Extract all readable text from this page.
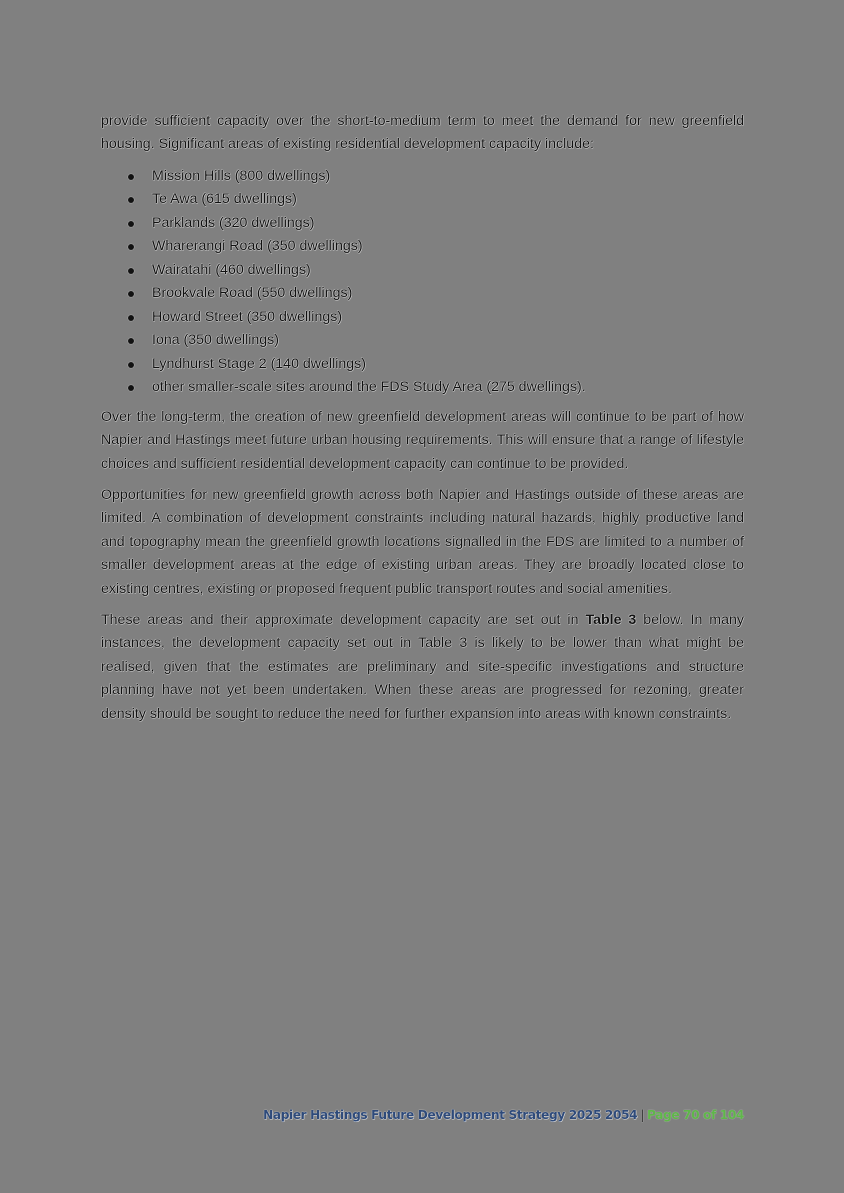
provide sufficient capacity over the short-to-medium term to meet the demand for new greenfield housing. Significant areas of existing residential development capacity include:

Mission Hills (800 dwellings)
Te Awa (615 dwellings)
Parklands (320 dwellings)
Wharerangi Road (350 dwellings)
Wairatahi (460 dwellings)
Brookvale Road (550 dwellings)
Howard Street (350 dwellings)
Iona (350 dwellings)
Lyndhurst Stage 2 (140 dwellings)
other smaller-scale sites around the FDS Study Area (275 dwellings).

Over the long-term, the creation of new greenfield development areas will continue to be part of how Napier and Hastings meet future urban housing requirements. This will ensure that a range of lifestyle choices and sufficient residential development capacity can continue to be provided.

Opportunities for new greenfield growth across both Napier and Hastings outside of these areas are limited. A combination of development constraints including natural hazards, highly productive land and topography mean the greenfield growth locations signalled in the FDS are limited to a number of smaller development areas at the edge of existing urban areas. They are broadly located close to existing centres, existing or proposed frequent public transport routes and social amenities.

These areas and their approximate development capacity are set out in Table 3 below. In many instances, the development capacity set out in Table 3 is likely to be lower than what might be realised, given that the estimates are preliminary and site-specific investigations and structure planning have not yet been undertaken. When these areas are progressed for rezoning, greater density should be sought to reduce the need for further expansion into areas with known constraints.

Napier Hastings Future Development Strategy 2025 2054 | Page 70 of 104
